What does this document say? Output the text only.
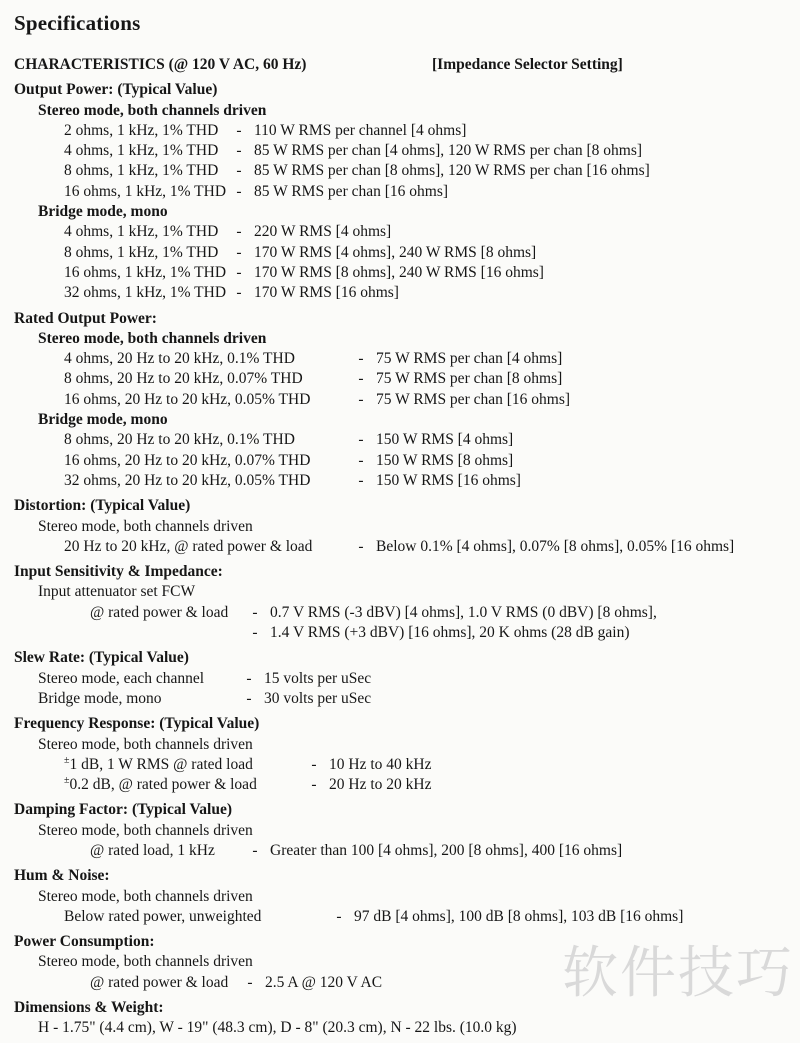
Specifications
CHARACTERISTICS (@ 120 V AC, 60 Hz)	[Impedance Selector Setting]
Output Power: (Typical Value)
Stereo mode, both channels driven
2 ohms, 1 kHz, 1% THD	- 110 W RMS per channel [4 ohms]
4 ohms, 1 kHz, 1% THD	- 85 W RMS per chan [4 ohms], 120 W RMS per chan [8 ohms]
8 ohms, 1 kHz, 1% THD	- 85 W RMS per chan [8 ohms], 120 W RMS per chan [16 ohms]
16 ohms, 1 kHz, 1% THD - 85 W RMS per chan [16 ohms]
Bridge mode, mono
4 ohms, 1 kHz, 1% THD	- 220 W RMS [4 ohms]
8 ohms, 1 kHz, 1% THD	- 170 W RMS [4 ohms], 240 W RMS [8 ohms]
16 ohms, 1 kHz, 1% THD - 170 W RMS [8 ohms], 240 W RMS [16 ohms]
32 ohms, 1 kHz, 1% THD - 170 W RMS [16 ohms]
Rated Output Power:
Stereo mode, both channels driven
4 ohms, 20 Hz to 20 kHz, 0.1% THD	- 75 W RMS per chan [4 ohms]
8 ohms, 20 Hz to 20 kHz, 0.07% THD	- 75 W RMS per chan [8 ohms]
16 ohms, 20 Hz to 20 kHz, 0.05% THD	- 75 W RMS per chan [16 ohms]
Bridge mode, mono
8 ohms, 20 Hz to 20 kHz, 0.1% THD	- 150 W RMS [4 ohms]
16 ohms, 20 Hz to 20 kHz, 0.07% THD	- 150 W RMS [8 ohms]
32 ohms, 20 Hz to 20 kHz, 0.05% THD	- 150 W RMS [16 ohms]
Distortion: (Typical Value)
Stereo mode, both channels driven
20 Hz to 20 kHz, @ rated power & load	- Below 0.1% [4 ohms], 0.07% [8 ohms], 0.05% [16 ohms]
Input Sensitivity & Impedance:
Input attenuator set FCW
@ rated power & load	- 0.7 V RMS (-3 dBV) [4 ohms], 1.0 V RMS (0 dBV) [8 ohms],
- 1.4 V RMS (+3 dBV) [16 ohms], 20 K ohms (28 dB gain)
Slew Rate: (Typical Value)
Stereo mode, each channel	- 15 volts per uSec
Bridge mode, mono	- 30 volts per uSec
Frequency Response: (Typical Value)
Stereo mode, both channels driven
±1 dB, 1 W RMS @ rated load	- 10 Hz to 40 kHz
±0.2 dB, @ rated power & load	- 20 Hz to 20 kHz
Damping Factor: (Typical Value)
Stereo mode, both channels driven
@ rated load, 1 kHz	- Greater than 100 [4 ohms], 200 [8 ohms], 400 [16 ohms]
Hum & Noise:
Stereo mode, both channels driven
Below rated power, unweighted	- 97 dB [4 ohms], 100 dB [8 ohms], 103 dB [16 ohms]
Power Consumption:
Stereo mode, both channels driven
@ rated power & load	- 2.5 A @ 120 V AC
Dimensions & Weight:
H - 1.75" (4.4 cm), W - 19" (48.3 cm), D - 8" (20.3 cm), N - 22 lbs. (10.0 kg)
软件技巧
